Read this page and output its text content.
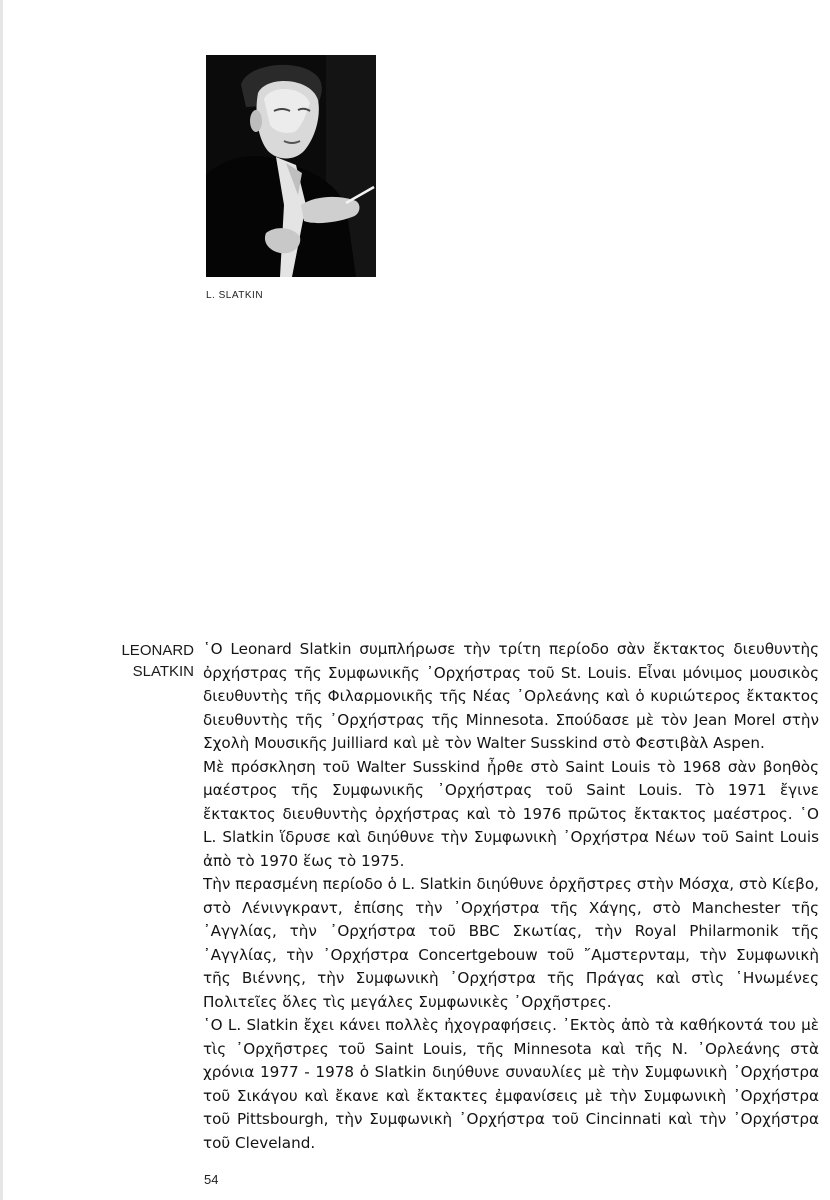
L. SLATKIN
LEONARD
SLATKIN

῾Ο Leonard Slatkin συμπλήρωσε τὴν τρίτη περίοδο σὰν ἔκτακτος διευθυντὴς ὀρχήστρας τῆς Συμφωνικῆς ᾿Ορχήστρας τοῦ St. Louis. Εἶναι μόνιμος μουσικὸς διευθυντὴς τῆς Φιλαρμονικῆς τῆς Νέας ᾿Ορλεάνης καὶ ὁ κυριώτερος ἔκτακτος διευθυντὴς τῆς ᾿Ορχήστρας τῆς Minnesota. Σπούδασε μὲ τὸν Jean Morel στὴν Σχολὴ Μουσικῆς Juilliard καὶ μὲ τὸν Walter Susskind στὸ Φεστιβὰλ Aspen.

Μὲ πρόσκληση τοῦ Walter Susskind ἦρθε στὸ Saint Louis τὸ 1968 σὰν βοηθὸς μαέστρος τῆς Συμφωνικῆς ᾿Ορχήστρας τοῦ Saint Louis. Τὸ 1971 ἔγινε ἔκτακτος διευθυντὴς ὀρχήστρας καὶ τὸ 1976 πρῶτος ἔκτακτος μαέστρος. ῾Ο L. Slatkin ἵδρυσε καὶ διηύθυνε τὴν Συμφωνικὴ ᾿Ορχήστρα Νέων τοῦ Saint Louis ἀπὸ τὸ 1970 ἕως τὸ 1975.

Τὴν περασμένη περίοδο ὁ L. Slatkin διηύθυνε ὀρχῆστρες στὴν Μόσχα, στὸ Κίεβο, στὸ Λένινγκραντ, ἐπίσης τὴν ᾿Ορχήστρα τῆς Χάγης, στὸ Manchester τῆς ᾿Αγγλίας, τὴν ᾿Ορχήστρα τοῦ BBC Σκωτίας, τὴν Royal Philarmonik τῆς ᾿Αγγλίας, τὴν ᾿Ορχήστρα Concertgebouw τοῦ ῎Αμστερνταμ, τὴν Συμφωνικὴ τῆς Βιέννης, τὴν Συμφωνικὴ ᾿Ορχήστρα τῆς Πράγας καὶ στὶς ῾Ηνωμένες Πολιτεῖες ὅλες τὶς μεγάλες Συμφωνικὲς ᾿Ορχῆστρες.

῾Ο L. Slatkin ἔχει κάνει πολλὲς ἠχογραφήσεις. ᾿Εκτὸς ἀπὸ τὰ καθήκοντά του μὲ τὶς ᾿Ορχῆστρες τοῦ Saint Louis, τῆς Minnesota καὶ τῆς Ν. ᾿Ορλεάνης στὰ χρόνια 1977 - 1978 ὁ Slatkin διηύθυνε συναυλίες μὲ τὴν Συμφωνικὴ ᾿Ορχήστρα τοῦ Σικάγου καὶ ἔκανε καὶ ἔκτακτες ἐμφανίσεις μὲ τὴν Συμφωνικὴ ᾿Ορχήστρα τοῦ Pittsbourgh, τὴν Συμφωνικὴ ᾿Ορχήστρα τοῦ Cincinnati καὶ τὴν ᾿Ορχήστρα τοῦ Cleveland.

54
